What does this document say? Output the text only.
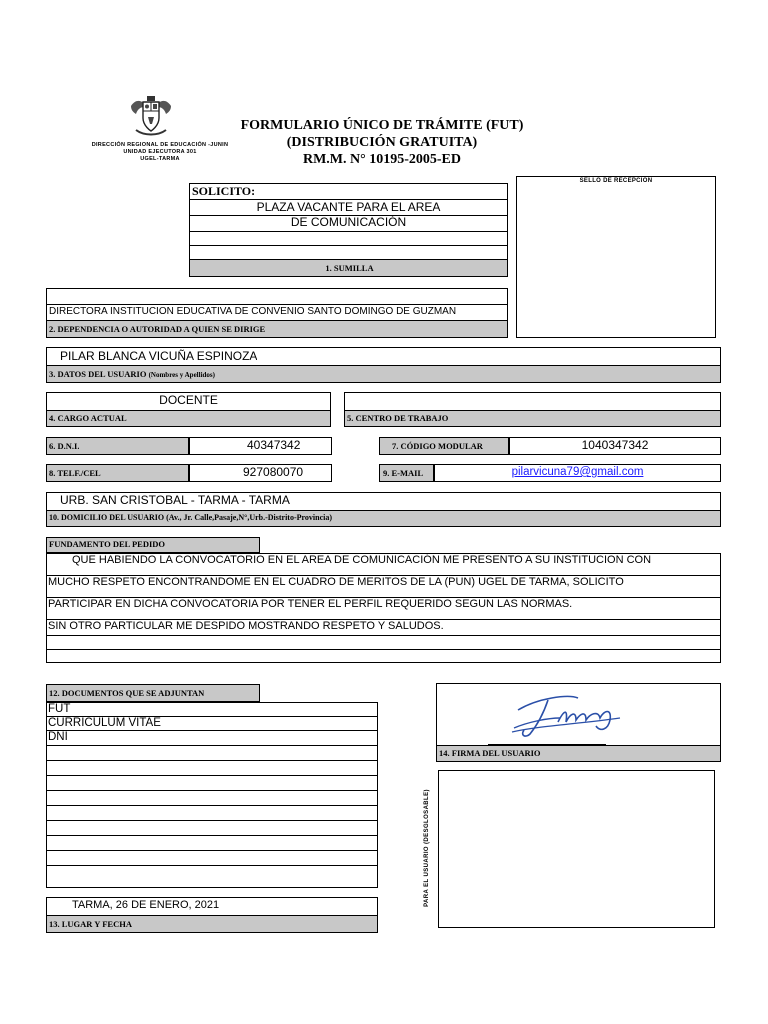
DIRECCIÓN REGIONAL DE EDUCACIÓN -JUNIN
UNIDAD EJECUTORA 301
UGEL-TARMA
FORMULARIO ÚNICO DE TRÁMITE (FUT)
(DISTRIBUCIÓN GRATUITA)
RM.M. N° 10195-2005-ED
SELLO DE RECEPCIÓN
SOLICITO:
PLAZA VACANTE PARA EL AREA
DE COMUNICACIÓN
1. SUMILLA
DIRECTORA INSTITUCION EDUCATIVA DE CONVENIO SANTO DOMINGO DE GUZMAN
2. DEPENDENCIA O AUTORIDAD A QUIEN SE DIRIGE
PILAR BLANCA VICUÑA ESPINOZA
3. DATOS DEL USUARIO (Nombres y Apellidos)
DOCENTE
4. CARGO ACTUAL	5. CENTRO DE TRABAJO
6. D.N.I.	40347342	7. CÓDIGO MODULAR	1040347342
8. TELF./CEL	927080070	9. E-MAIL	pilarvicuna79@gmail.com
URB. SAN CRISTOBAL - TARMA - TARMA
10. DOMICILIO DEL USUARIO (Av., Jr. Calle,Pasaje,N°,Urb.-Distrito-Provincia)
FUNDAMENTO DEL PEDIDO
QUE HABIENDO LA CONVOCATORIO EN EL AREA DE COMUNICACIÓN ME PRESENTO A SU INSTITUCION CON
MUCHO RESPETO ENCONTRANDOME EN EL CUADRO DE MERITOS DE LA (PUN) UGEL DE TARMA, SOLICITO
PARTICIPAR EN DICHA CONVOCATORIA POR TENER EL PERFIL REQUERIDO SEGUN LAS NORMAS.
SIN OTRO PARTICULAR ME DESPIDO MOSTRANDO RESPETO Y SALUDOS.
12. DOCUMENTOS QUE SE ADJUNTAN
FUT
CURRICULUM VITAE
DNI
14. FIRMA DEL USUARIO
PARA EL USUARIO (DESGLOSABLE)
TARMA, 26 DE ENERO, 2021
13. LUGAR Y FECHA
